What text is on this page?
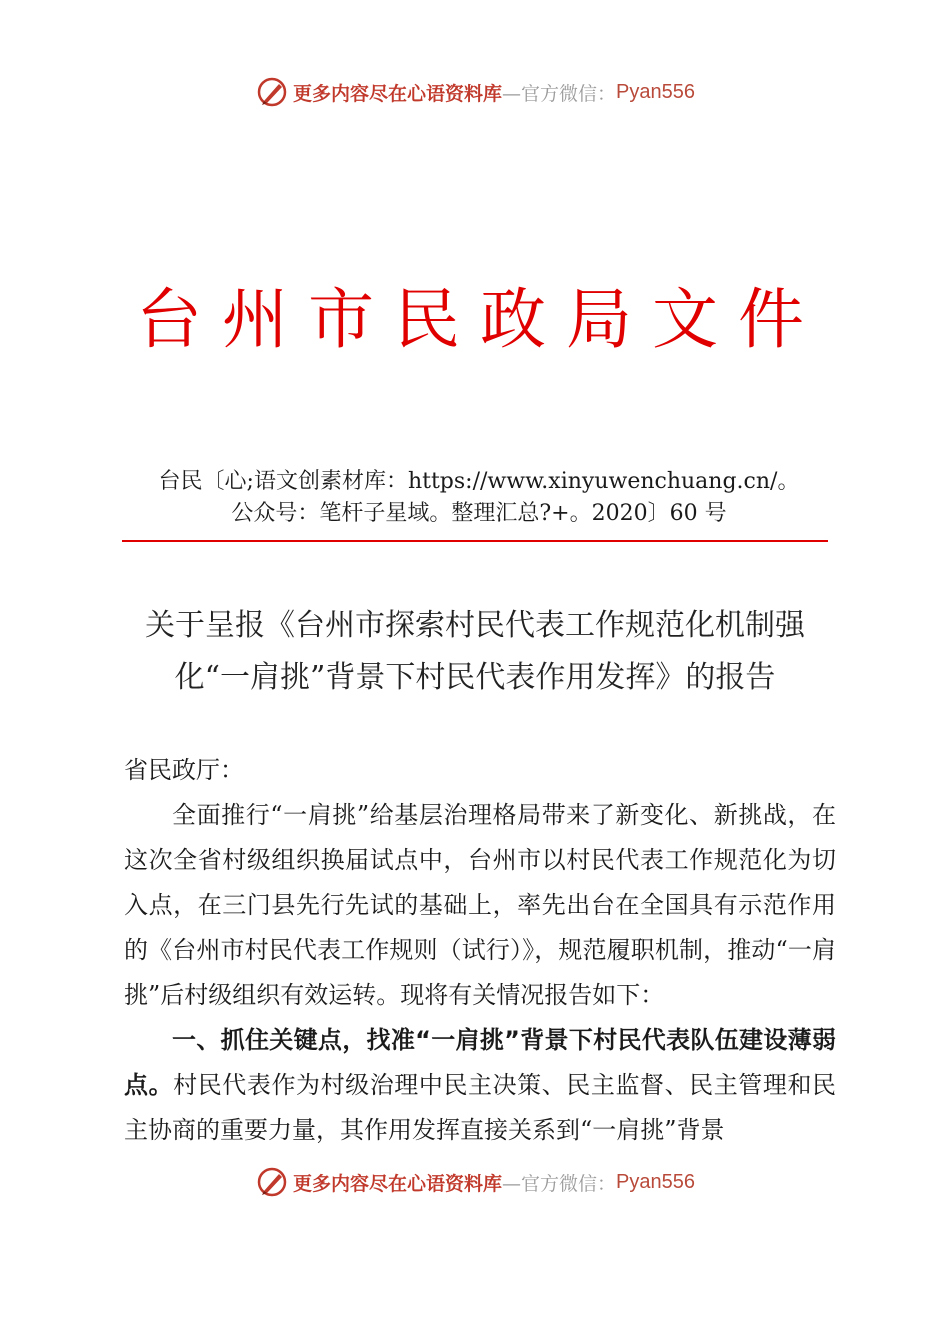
更多内容尽在心语资料库 —官方微信： Pyan556
台州市民政局文件
台民〔心;语文创素材库：https://www.xinyuwenchuang.cn/。
公众号：笔杆子星域。整理汇总?+。2020〕60 号
关于呈报《台州市探索村民代表工作规范化机制强化“一肩挑”背景下村民代表作用发挥》的报告

省民政厅：

全面推行“一肩挑”给基层治理格局带来了新变化、新挑战，在这次全省村级组织换届试点中，台州市以村民代表工作规范化为切入点，在三门县先行先试的基础上，率先出台在全国具有示范作用的《台州市村民代表工作规则（试行）》，规范履职机制，推动“一肩挑”后村级组织有效运转。现将有关情况报告如下：

一、抓住关键点，找准“一肩挑”背景下村民代表队伍建设薄弱点。村民代表作为村级治理中民主决策、民主监督、民主管理和民主协商的重要力量，其作用发挥直接关系到“一肩挑”背景

更多内容尽在心语资料库 —官方微信： Pyan556
